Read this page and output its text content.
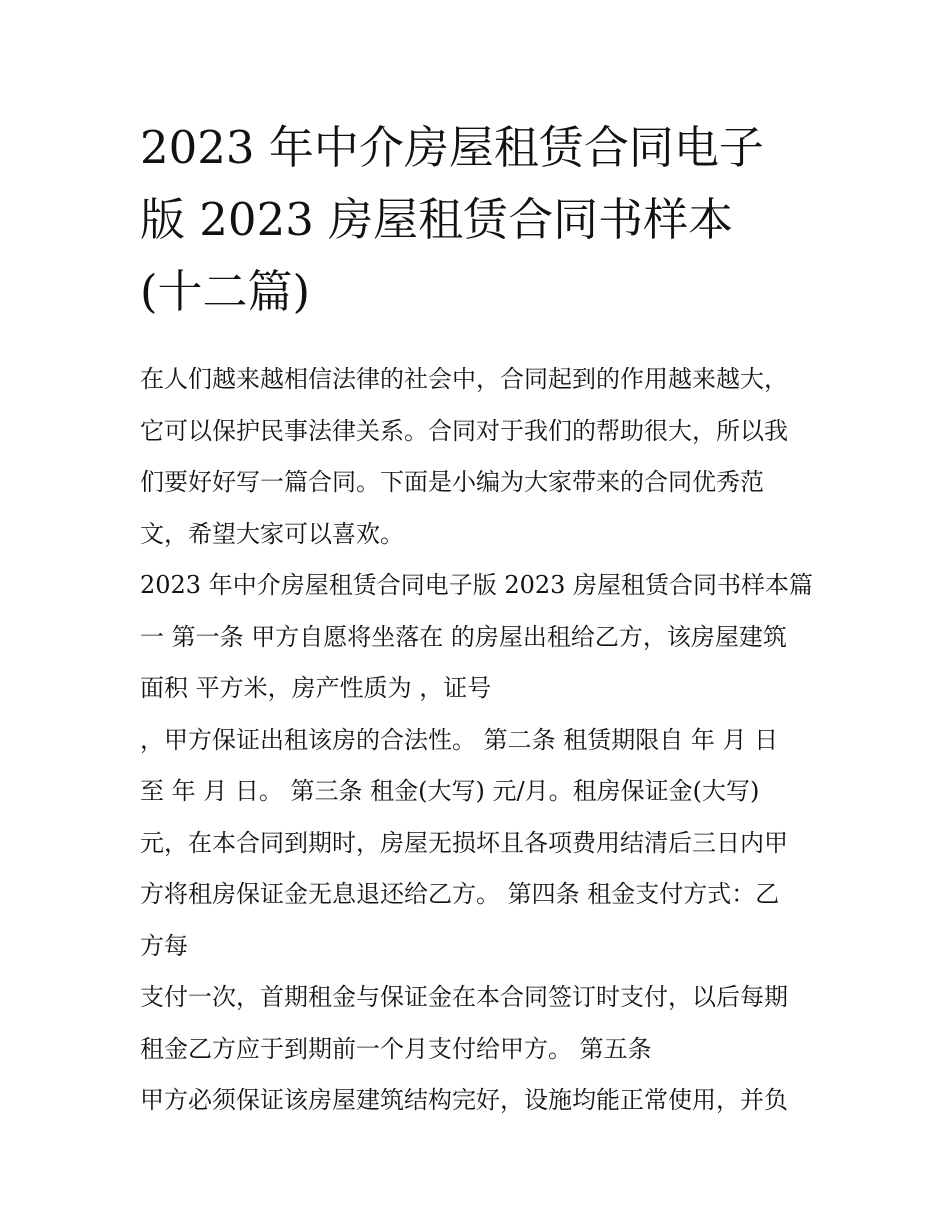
2023 年中介房屋租赁合同电子
版 2023 房屋租赁合同书样本
(十二篇)
在人们越来越相信法律的社会中，合同起到的作用越来越大，
它可以保护民事法律关系。合同对于我们的帮助很大，所以我
们要好好写一篇合同。下面是小编为大家带来的合同优秀范
文，希望大家可以喜欢。
2023 年中介房屋租赁合同电子版 2023 房屋租赁合同书样本篇
一 第一条 甲方自愿将坐落在 的房屋出租给乙方，该房屋建筑
面积 平方米，房产性质为 ，证号
，甲方保证出租该房的合法性。 第二条 租赁期限自 年 月 日
至 年 月 日。 第三条 租金(大写) 元/月。租房保证金(大写)
元，在本合同到期时，房屋无损坏且各项费用结清后三日内甲
方将租房保证金无息退还给乙方。 第四条 租金支付方式：乙
方每
支付一次，首期租金与保证金在本合同签订时支付，以后每期
租金乙方应于到期前一个月支付给甲方。 第五条
甲方必须保证该房屋建筑结构完好，设施均能正常使用，并负
